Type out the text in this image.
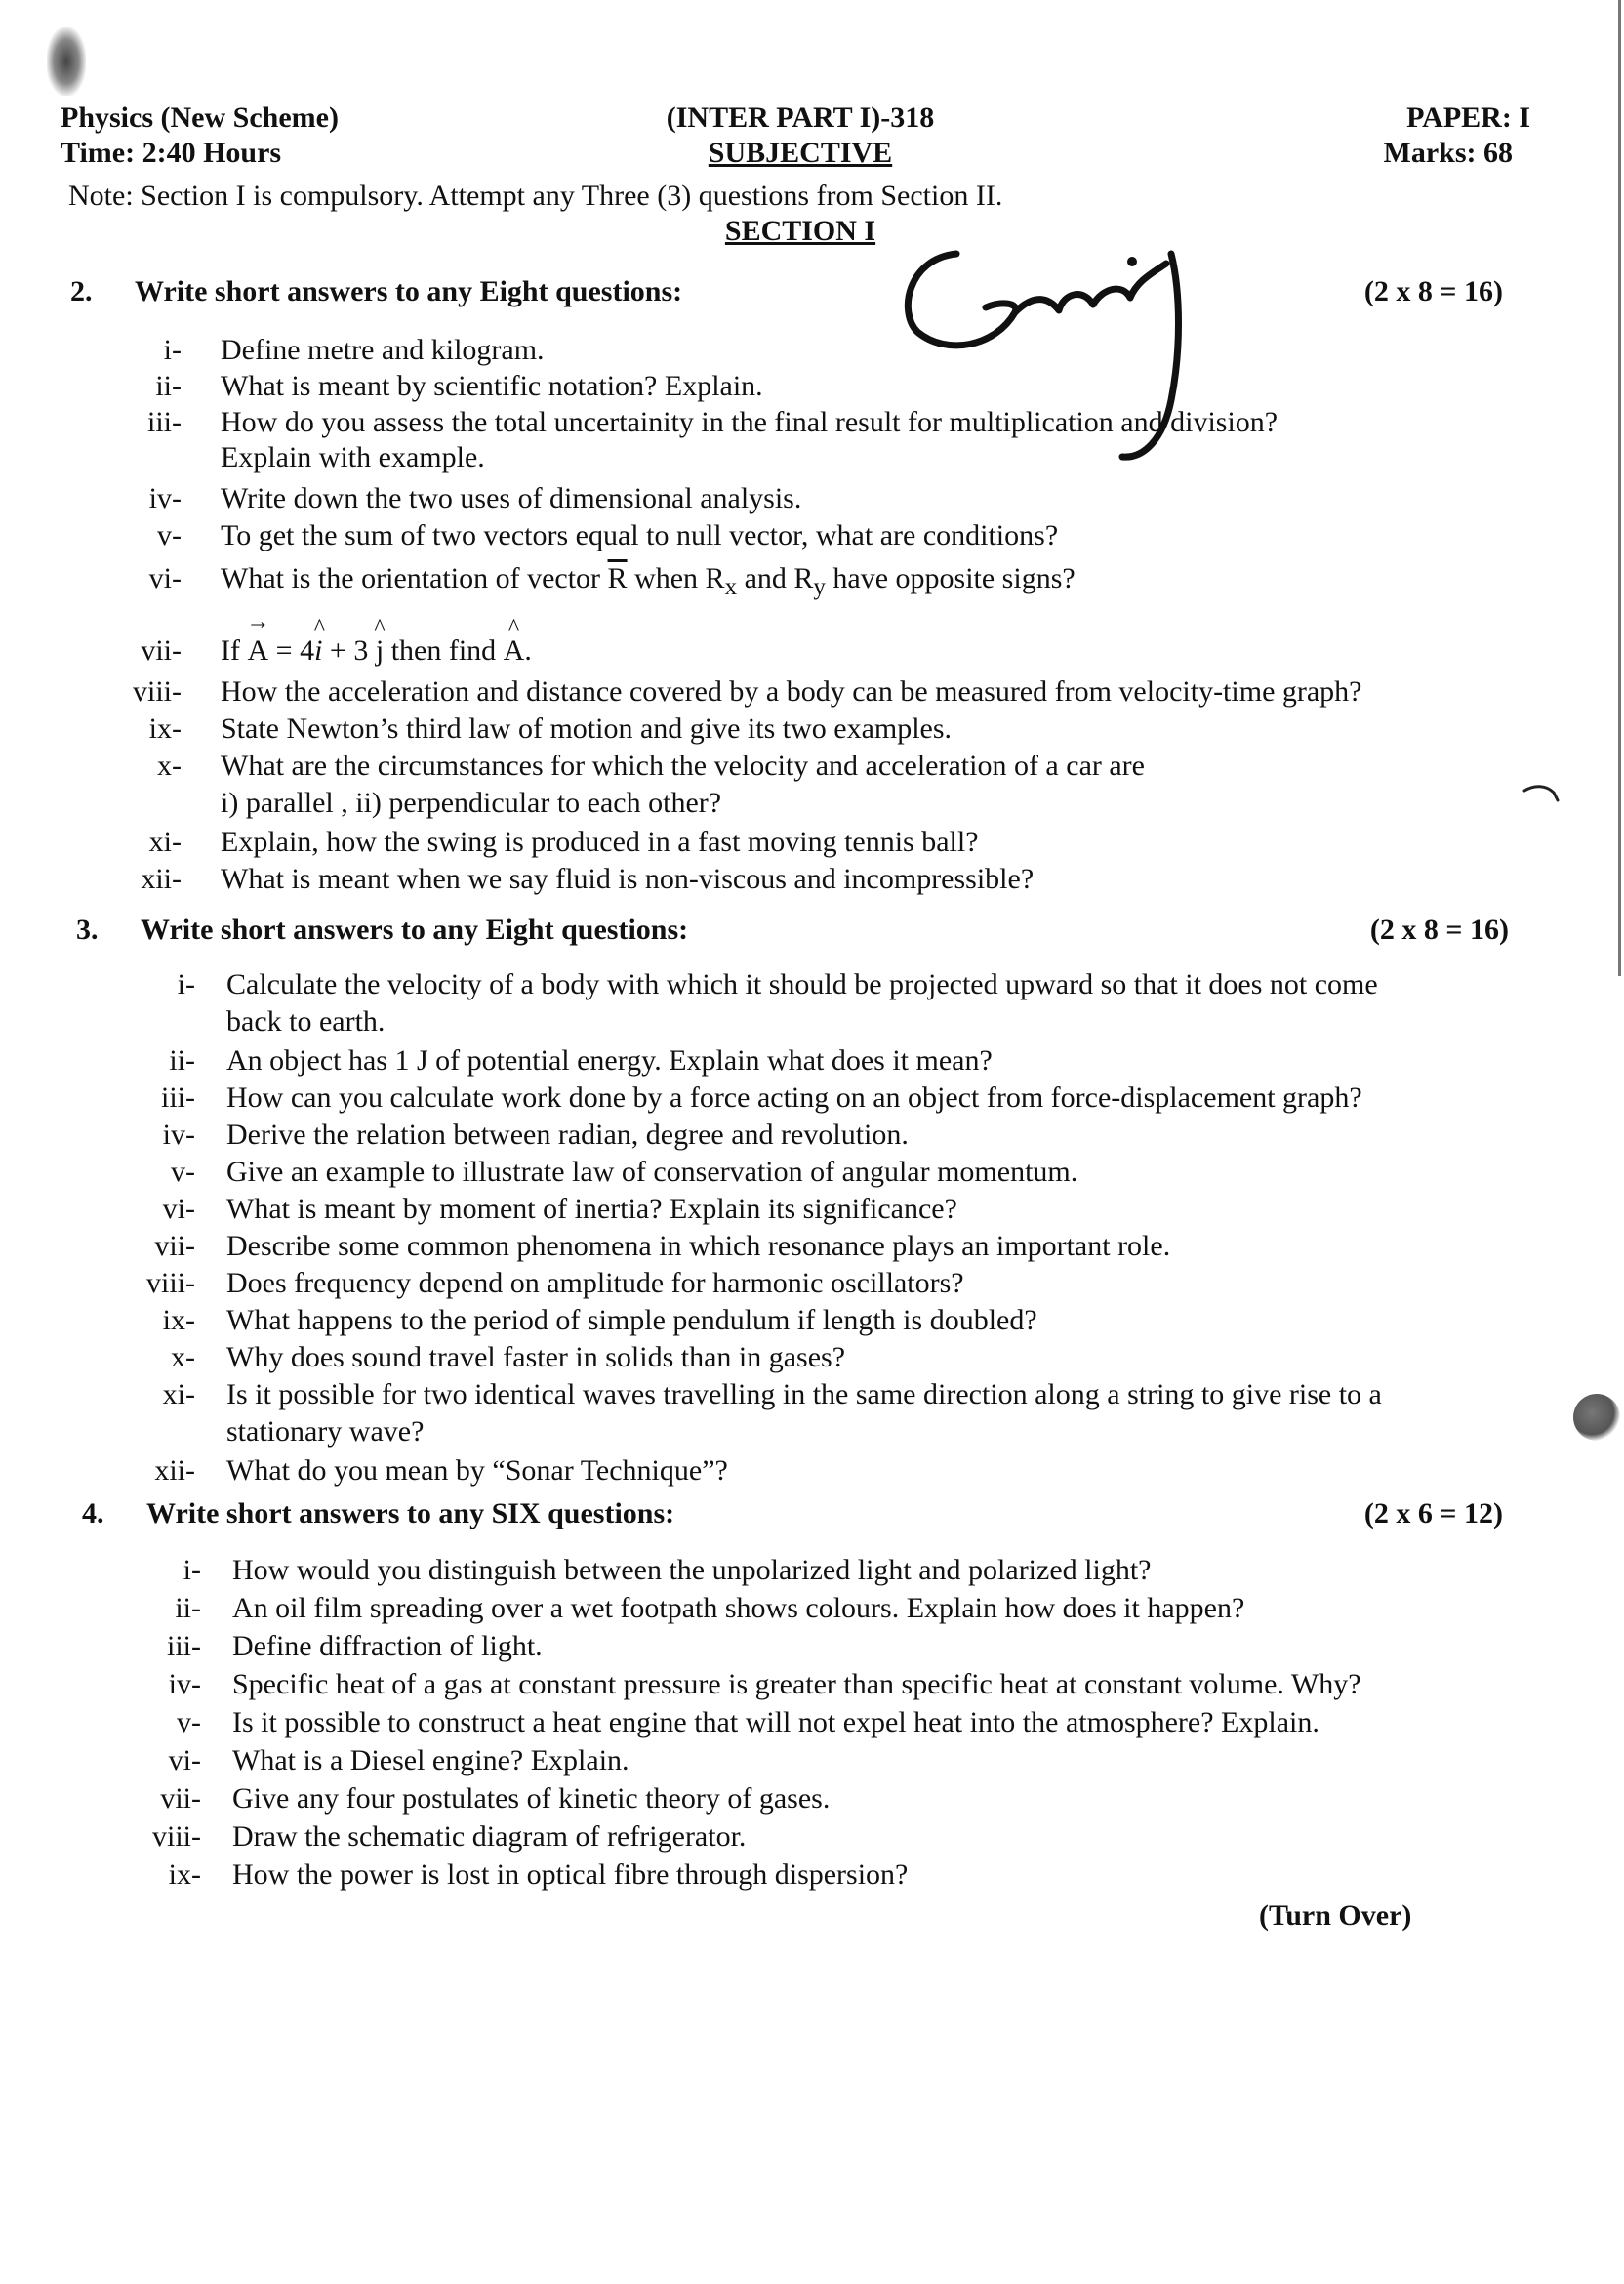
Physics (New Scheme)
Time: 2:40 Hours
(INTER PART I)-318
SUBJECTIVE
PAPER: I
Marks: 68
Note: Section I is compulsory. Attempt any Three (3) questions from Section II.
SECTION I
2. Write short answers to any Eight questions:	(2 x 8 = 16)
i- Define metre and kilogram.
ii- What is meant by scientific notation? Explain.
iii- How do you assess the total uncertainity in the final result for multiplication and division?
Explain with example.
iv- Write down the two uses of dimensional analysis.
v- To get the sum of two vectors equal to null vector, what are conditions?
vi- What is the orientation of vector $\overline{R}$ when $R_x$ and $R_y$ have opposite signs?
vii- If → A = 4^ i + 3 ^ j then find ^ A.
viii- How the acceleration and distance covered by a body can be measured from velocity-time graph?
ix- State Newton’s third law of motion and give its two examples.
x- What are the circumstances for which the velocity and acceleration of a car are
i) parallel , ii) perpendicular to each other?
xi- Explain, how the swing is produced in a fast moving tennis ball?
xii- What is meant when we say fluid is non-viscous and incompressible?
3. Write short answers to any Eight questions:	(2 x 8 = 16)
i- Calculate the velocity of a body with which it should be projected upward so that it does not come
back to earth.
ii- An object has 1 J of potential energy. Explain what does it mean?
iii- How can you calculate work done by a force acting on an object from force-displacement graph?
iv- Derive the relation between radian, degree and revolution.
v- Give an example to illustrate law of conservation of angular momentum.
vi- What is meant by moment of inertia? Explain its significance?
vii- Describe some common phenomena in which resonance plays an important role.
viii- Does frequency depend on amplitude for harmonic oscillators?
ix- What happens to the period of simple pendulum if length is doubled?
x- Why does sound travel faster in solids than in gases?
xi- Is it possible for two identical waves travelling in the same direction along a string to give rise to a
stationary wave?
xii- What do you mean by “Sonar Technique”?
4. Write short answers to any SIX questions:	(2 x 6 = 12)
i- How would you distinguish between the unpolarized light and polarized light?
ii- An oil film spreading over a wet footpath shows colours. Explain how does it happen?
iii- Define diffraction of light.
iv- Specific heat of a gas at constant pressure is greater than specific heat at constant volume. Why?
v- Is it possible to construct a heat engine that will not expel heat into the atmosphere? Explain.
vi- What is a Diesel engine? Explain.
vii- Give any four postulates of kinetic theory of gases.
viii- Draw the schematic diagram of refrigerator.
ix- How the power is lost in optical fibre through dispersion?
(Turn Over)
